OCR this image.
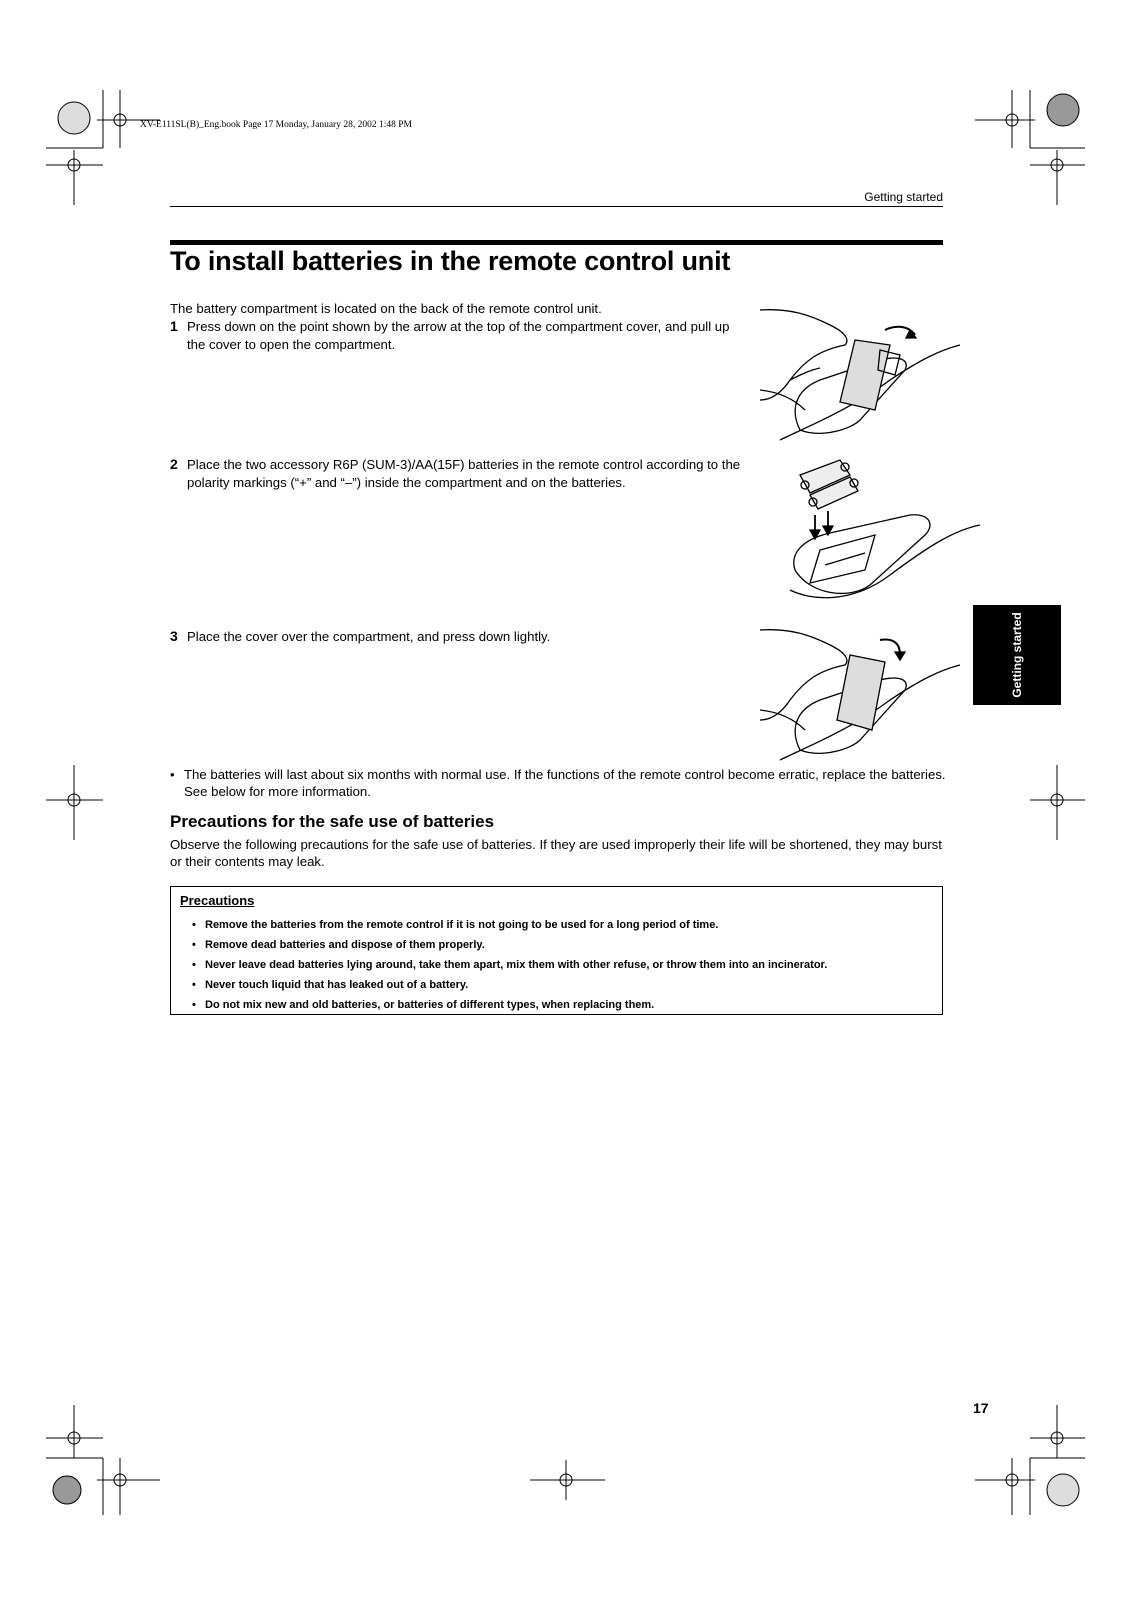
XV-E111SL(B)_Eng.book Page 17 Monday, January 28, 2002 1:48 PM
Getting started
To install batteries in the remote control unit
The battery compartment is located on the back of the remote control unit.
1 Press down on the point shown by the arrow at the top of the compartment cover, and pull up the cover to open the compartment.
2 Place the two accessory R6P (SUM-3)/AA(15F) batteries in the remote control according to the polarity markings (“+” and “–”) inside the compartment and on the batteries.
3 Place the cover over the compartment, and press down lightly.
• The batteries will last about six months with normal use. If the functions of the remote control become erratic, replace the batteries. See below for more information.
Precautions for the safe use of batteries
Observe the following precautions for the safe use of batteries. If they are used improperly their life will be shortened, they may burst or their contents may leak.
Precautions
• Remove the batteries from the remote control if it is not going to be used for a long period of time.
• Remove dead batteries and dispose of them properly.
• Never leave dead batteries lying around, take them apart, mix them with other refuse, or throw them into an incinerator.
• Never touch liquid that has leaked out of a battery.
• Do not mix new and old batteries, or batteries of different types, when replacing them.
Getting started
17
